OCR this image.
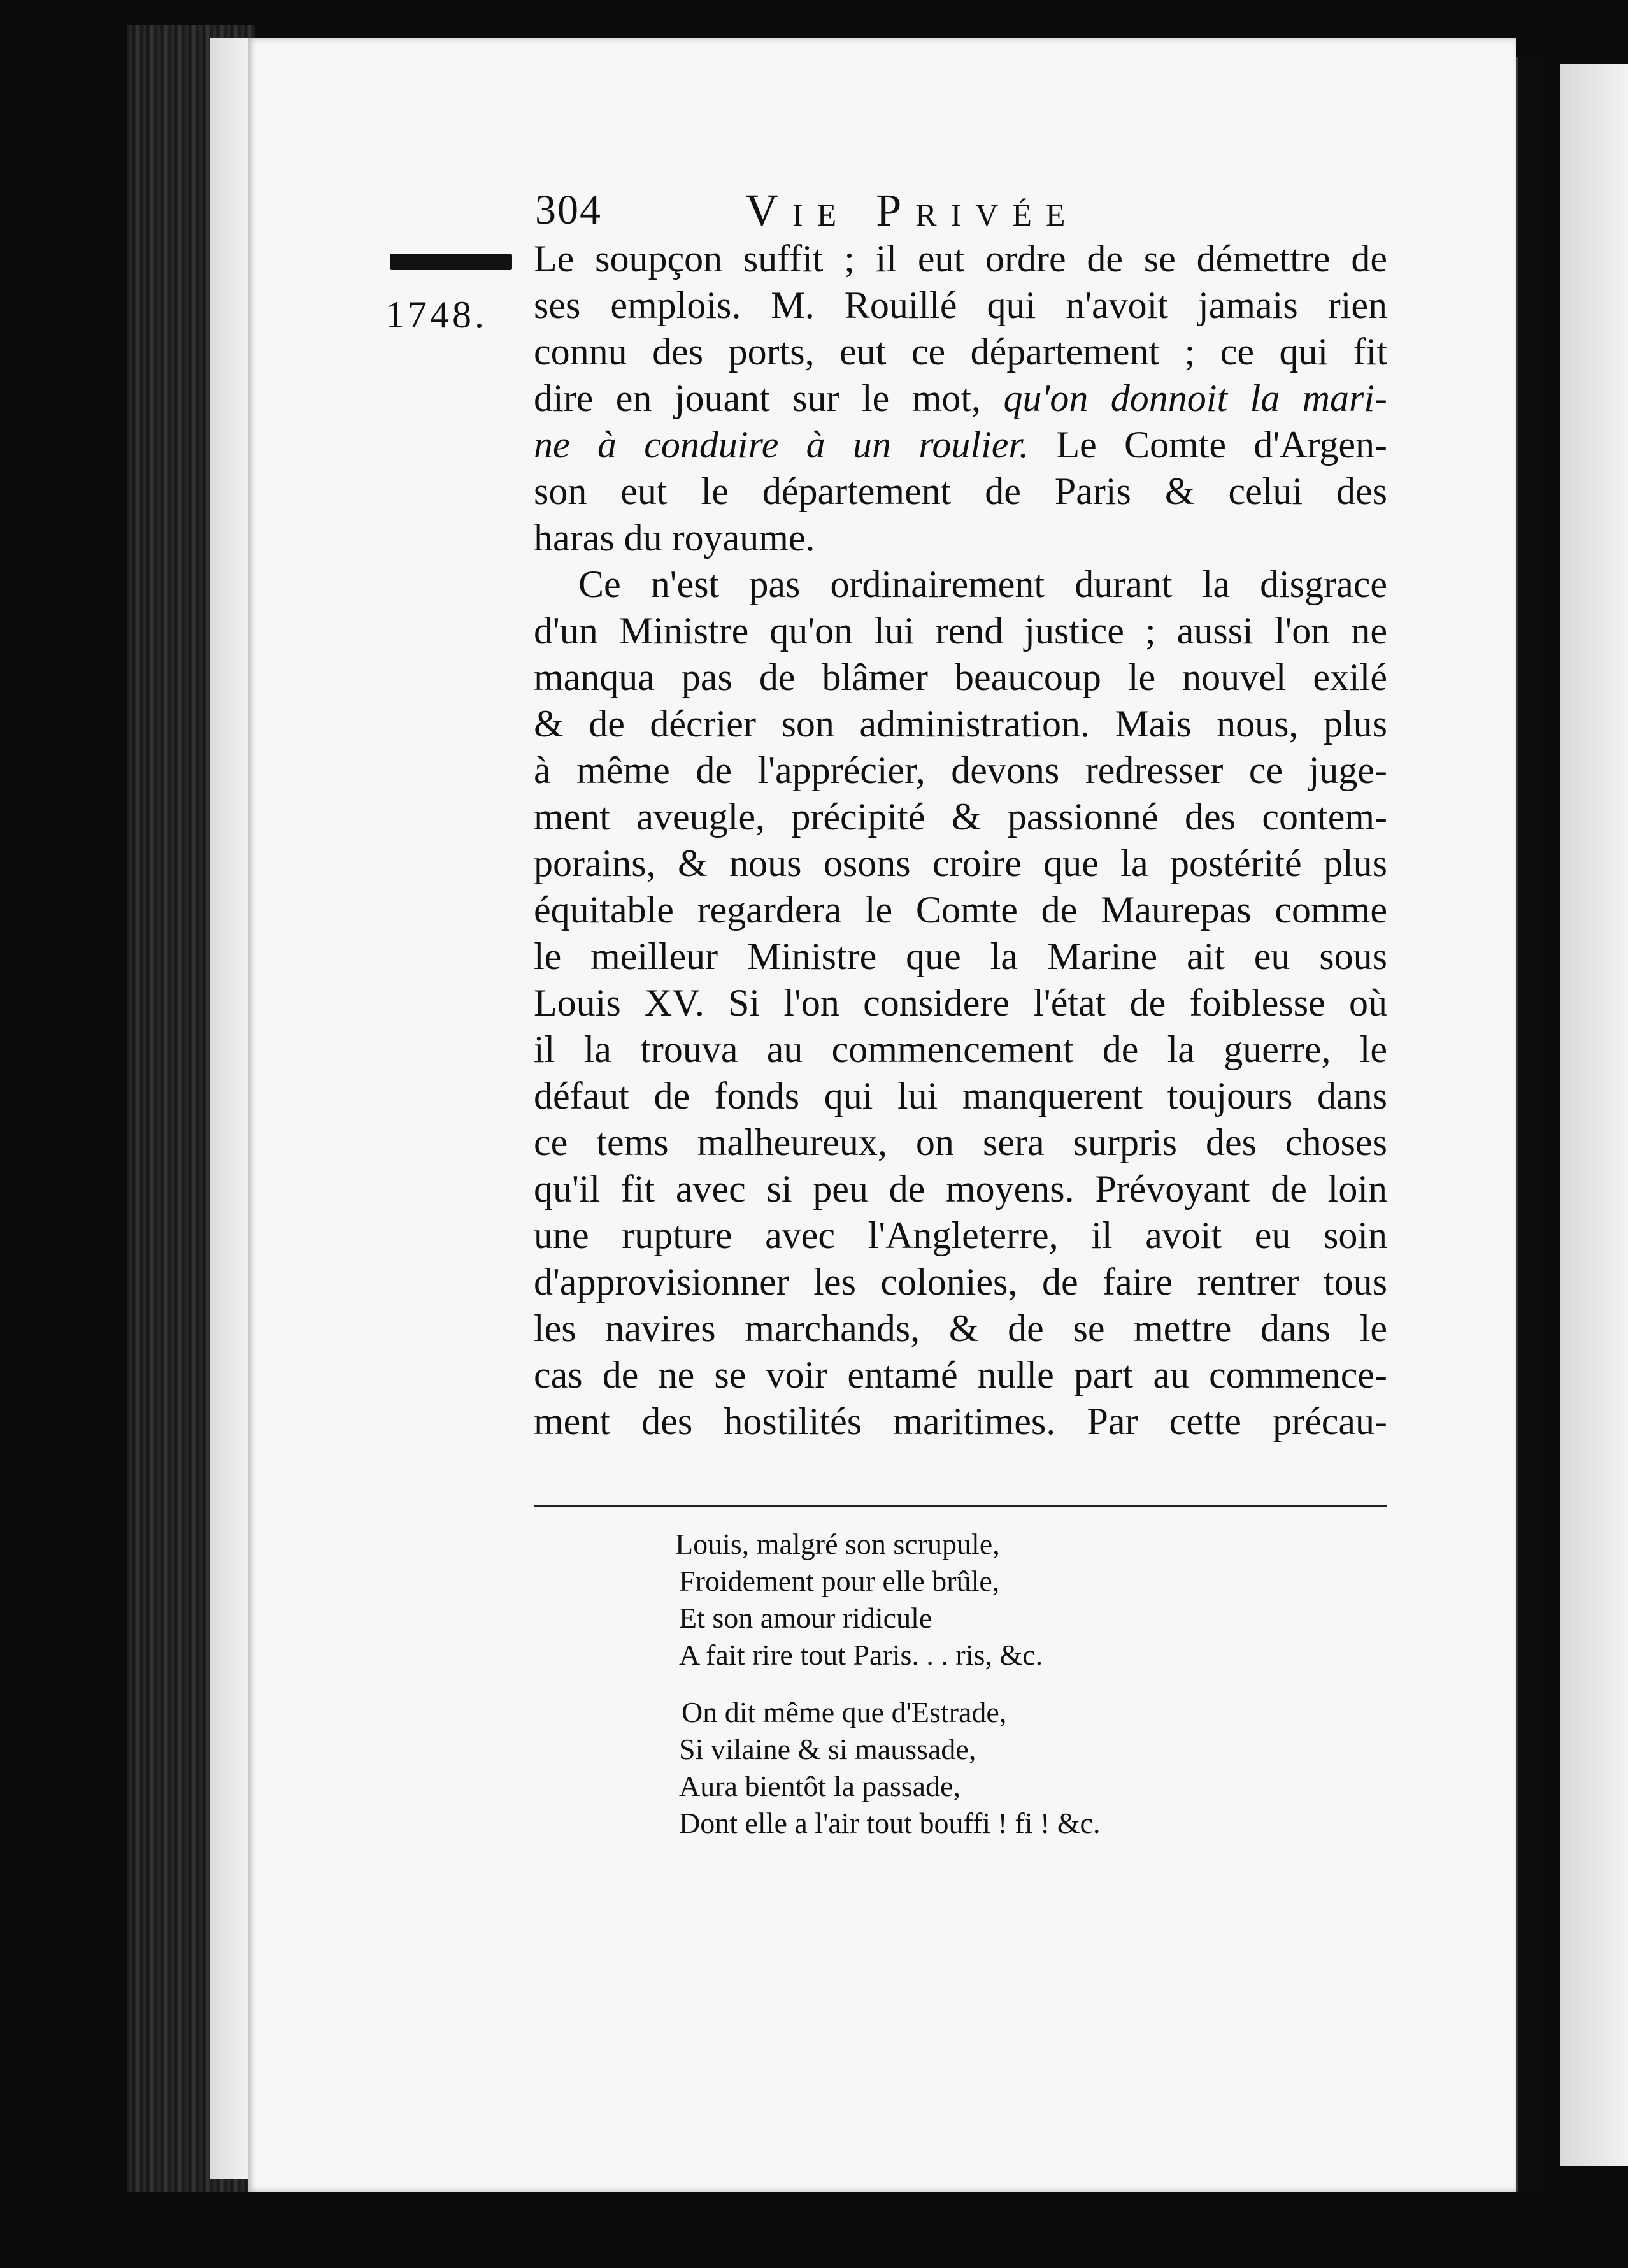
304	Vie Privée
1748.
Le soupçon suffit ; il eut ordre de se démettre de
ses emplois. M. Rouillé qui n'avoit jamais rien
connu des ports, eut ce département ; ce qui fit
dire en jouant sur le mot, qu'on donnoit la mari-
ne à conduire à un roulier. Le Comte d'Argen-
son eut le département de Paris & celui des
haras du royaume.
Ce n'est pas ordinairement durant la disgrace
d'un Ministre qu'on lui rend justice ; aussi l'on ne
manqua pas de blâmer beaucoup le nouvel exilé
& de décrier son administration. Mais nous, plus
à même de l'apprécier, devons redresser ce juge-
ment aveugle, précipité & passionné des contem-
porains, & nous osons croire que la postérité plus
équitable regardera le Comte de Maurepas comme
le meilleur Ministre que la Marine ait eu sous
Louis XV. Si l'on considere l'état de foiblesse où
il la trouva au commencement de la guerre, le
défaut de fonds qui lui manquerent toujours dans
ce tems malheureux, on sera surpris des choses
qu'il fit avec si peu de moyens. Prévoyant de loin
une rupture avec l'Angleterre, il avoit eu soin
d'approvisionner les colonies, de faire rentrer tous
les navires marchands, & de se mettre dans le
cas de ne se voir entamé nulle part au commence-
ment des hostilités maritimes. Par cette précau-
Louis, malgré son scrupule,
Froidement pour elle brûle,
Et son amour ridicule
A fait rire tout Paris. . . ris, &c.
On dit même que d'Estrade,
Si vilaine & si maussade,
Aura bientôt la passade,
Dont elle a l'air tout bouffi ! fi ! &c.
